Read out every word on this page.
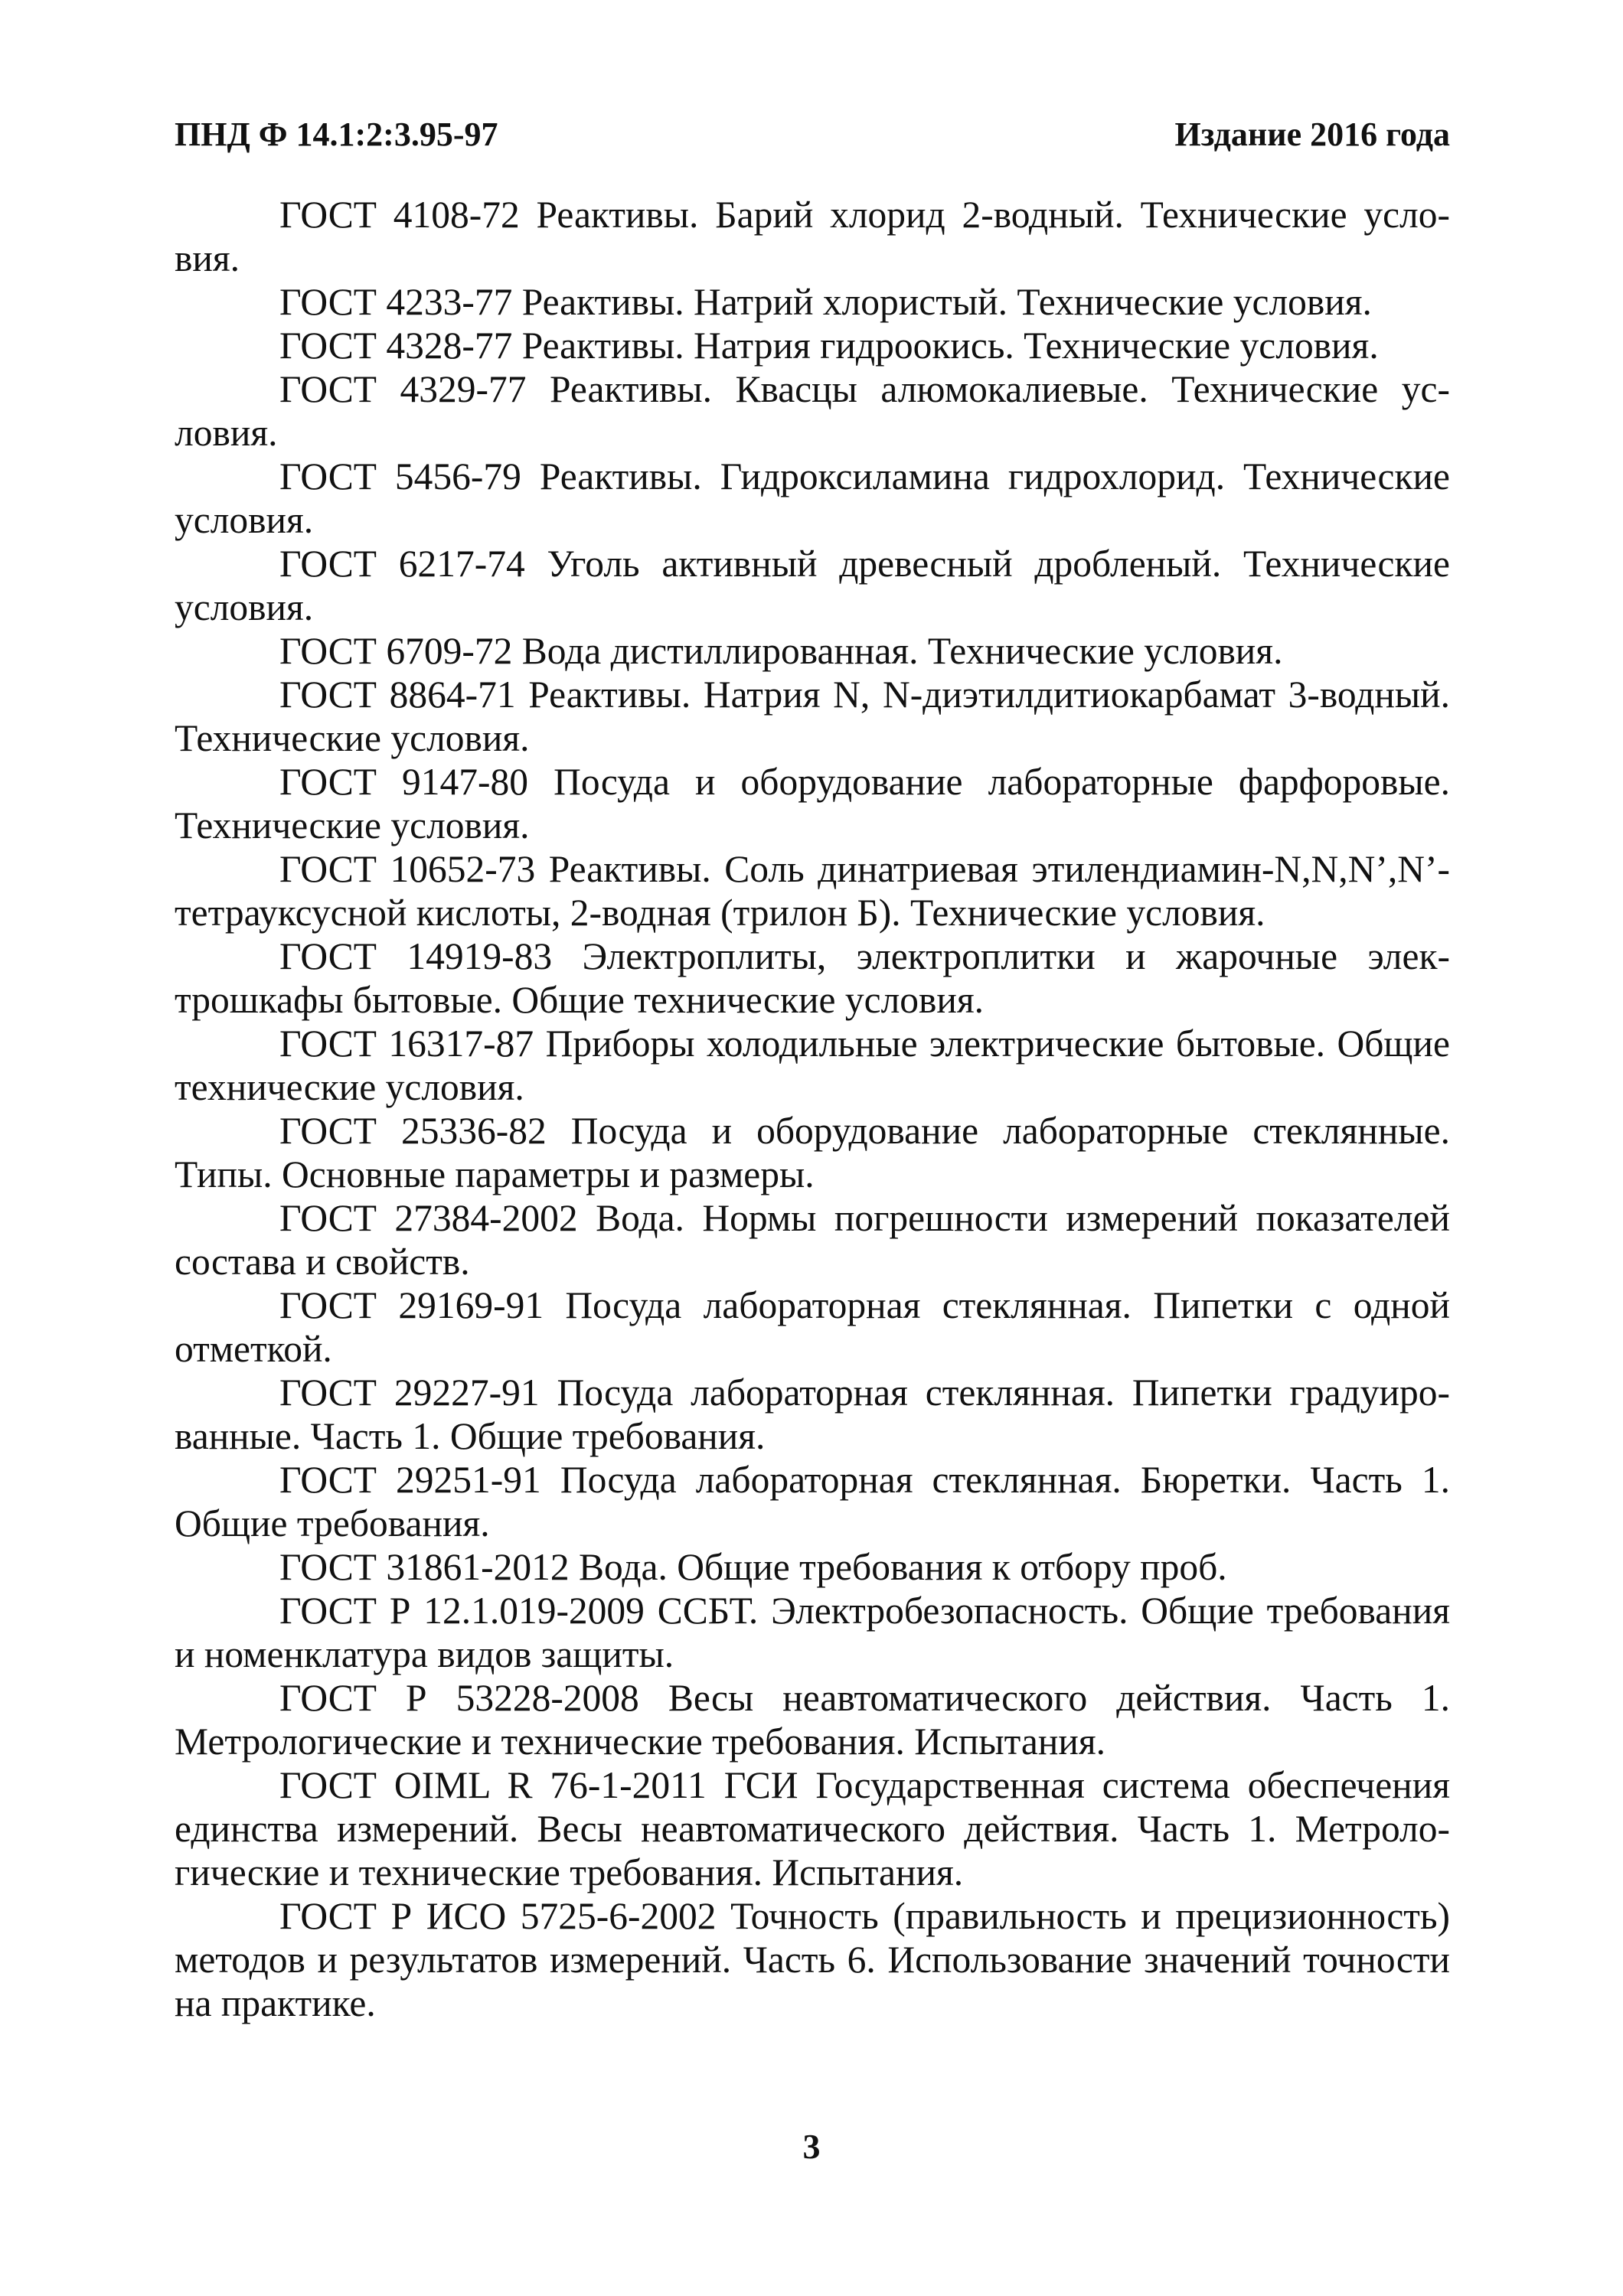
ПНД Ф 14.1:2:3.95-97	Издание 2016 года

ГОСТ 4108-72 Реактивы. Барий хлорид 2-водный. Технические условия.

ГОСТ 4233-77 Реактивы. Натрий хлористый. Технические условия.

ГОСТ 4328-77 Реактивы. Натрия гидроокись. Технические условия.

ГОСТ 4329-77 Реактивы. Квасцы алюмокалиевые. Технические условия.

ГОСТ 5456-79 Реактивы. Гидроксиламина гидрохлорид. Технические условия.

ГОСТ 6217-74 Уголь активный древесный дробленый. Технические условия.

ГОСТ 6709-72 Вода дистиллированная. Технические условия.

ГОСТ 8864-71 Реактивы. Натрия N, N-диэтилдитиокарбамат 3-водный. Технические условия.

ГОСТ 9147-80 Посуда и оборудование лабораторные фарфоровые. Технические условия.

ГОСТ 10652-73 Реактивы. Соль динатриевая этилендиамин-N,N,N’,N’- тетрауксусной кислоты, 2-водная (трилон Б). Технические условия.

ГОСТ 14919-83 Электроплиты, электроплитки и жарочные электрошкафы бытовые. Общие технические условия.

ГОСТ 16317-87 Приборы холодильные электрические бытовые. Общие технические условия.

ГОСТ 25336-82 Посуда и оборудование лабораторные стеклянные. Типы. Основные параметры и размеры.

ГОСТ 27384-2002 Вода. Нормы погрешности измерений показателей состава и свойств.

ГОСТ 29169-91 Посуда лабораторная стеклянная. Пипетки с одной отметкой.

ГОСТ 29227-91 Посуда лабораторная стеклянная. Пипетки градуированные. Часть 1. Общие требования.

ГОСТ 29251-91 Посуда лабораторная стеклянная. Бюретки. Часть 1. Общие требования.

ГОСТ 31861-2012 Вода. Общие требования к отбору проб.

ГОСТ Р 12.1.019-2009 ССБТ. Электробезопасность. Общие требования и номенклатура видов защиты.

ГОСТ Р 53228-2008 Весы неавтоматического действия. Часть 1. Метрологические и технические требования. Испытания.

ГОСТ OIML R 76-1-2011 ГСИ Государственная система обеспечения единства измерений. Весы неавтоматического действия. Часть 1. Метрологические и технические требования. Испытания.

ГОСТ Р ИСО 5725-6-2002 Точность (правильность и прецизионность) методов и результатов измерений. Часть 6. Использование значений точности на практике.

3
